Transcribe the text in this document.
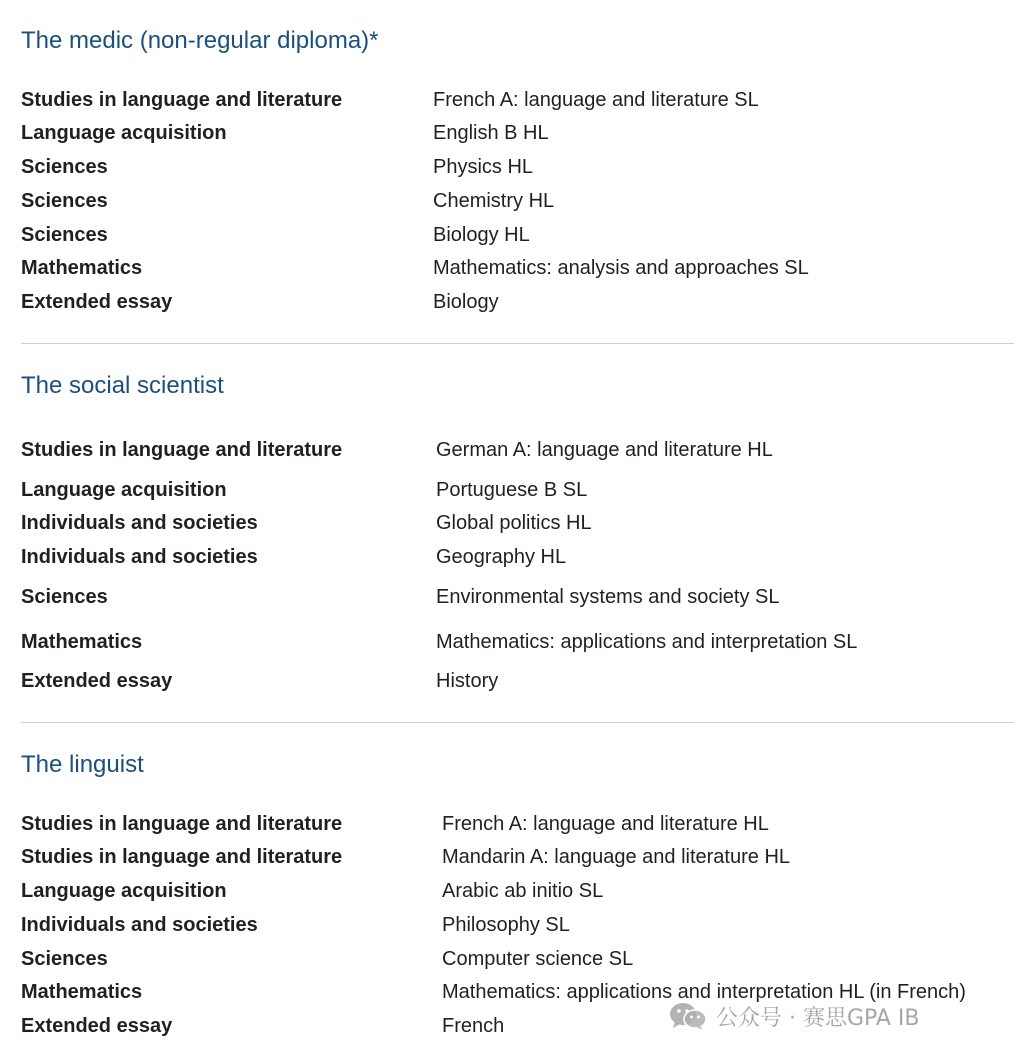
The medic (non-regular diploma)*
Studies in language and literature	French A: language and literature SL
Language acquisition	English B HL
Sciences	Physics HL
Sciences	Chemistry HL
Sciences	Biology HL
Mathematics	Mathematics: analysis and approaches SL
Extended essay	Biology
The social scientist
Studies in language and literature	German A: language and literature HL
Language acquisition	Portuguese B SL
Individuals and societies	Global politics HL
Individuals and societies	Geography HL
Sciences	Environmental systems and society SL
Mathematics	Mathematics: applications and interpretation SL
Extended essay	History
The linguist
Studies in language and literature	French A: language and literature HL
Studies in language and literature	Mandarin A: language and literature HL
Language acquisition	Arabic ab initio SL
Individuals and societies	Philosophy SL
Sciences	Computer science SL
Mathematics	Mathematics: applications and interpretation HL (in French)
Extended essay	French	公众号 · 赛思GPA IB
